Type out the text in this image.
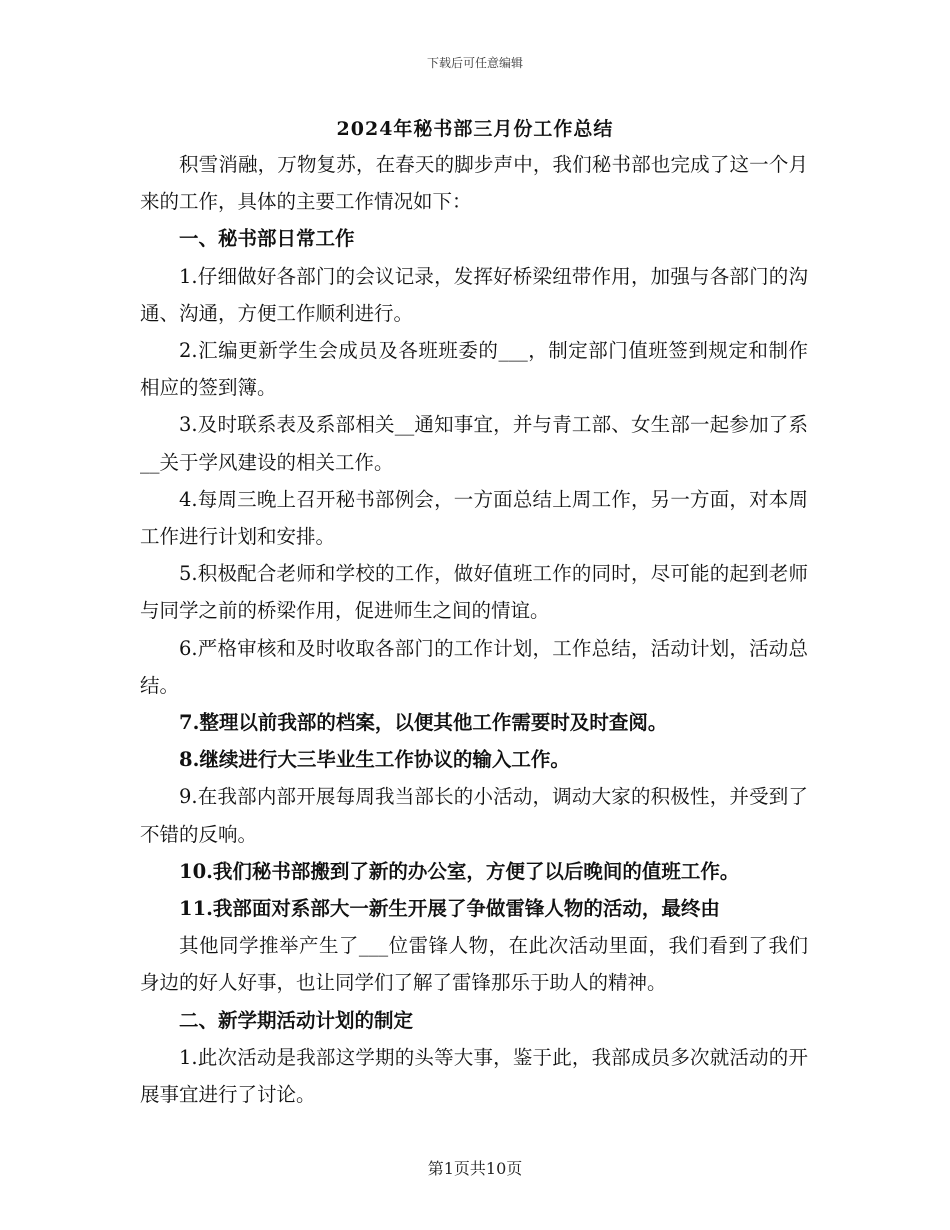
下载后可任意编辑
2024年秘书部三月份工作总结

积雪消融，万物复苏，在春天的脚步声中，我们秘书部也完成了这一个月来的工作，具体的主要工作情况如下：

一、秘书部日常工作

1.仔细做好各部门的会议记录，发挥好桥梁纽带作用，加强与各部门的沟通、沟通，方便工作顺利进行。

2.汇编更新学生会成员及各班班委的___，制定部门值班签到规定和制作相应的签到簿。

3.及时联系表及系部相关__通知事宜，并与青工部、女生部一起参加了系__关于学风建设的相关工作。

4.每周三晚上召开秘书部例会，一方面总结上周工作，另一方面，对本周工作进行计划和安排。

5.积极配合老师和学校的工作，做好值班工作的同时，尽可能的起到老师与同学之前的桥梁作用，促进师生之间的情谊。

6.严格审核和及时收取各部门的工作计划，工作总结，活动计划，活动总结。

7.整理以前我部的档案，以便其他工作需要时及时查阅。

8.继续进行大三毕业生工作协议的输入工作。

9.在我部内部开展每周我当部长的小活动，调动大家的积极性，并受到了不错的反响。

10.我们秘书部搬到了新的办公室，方便了以后晚间的值班工作。

11.我部面对系部大一新生开展了争做雷锋人物的活动，最终由

其他同学推举产生了___位雷锋人物，在此次活动里面，我们看到了我们身边的好人好事，也让同学们了解了雷锋那乐于助人的精神。

二、新学期活动计划的制定

1.此次活动是我部这学期的头等大事，鉴于此，我部成员多次就活动的开展事宜进行了讨论。

第1页共10页
